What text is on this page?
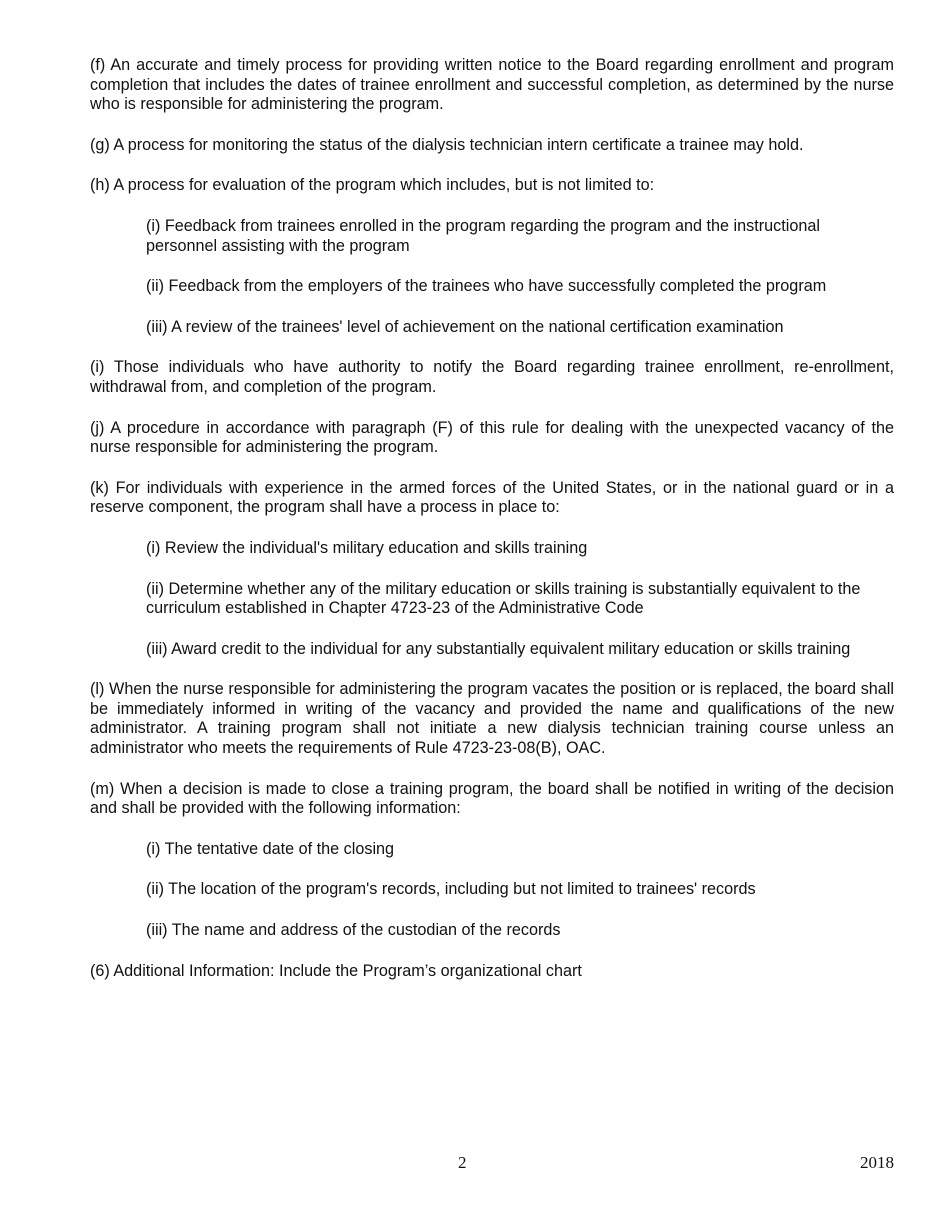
(f) An accurate and timely process for providing written notice to the Board regarding enrollment and program completion that includes the dates of trainee enrollment and successful completion, as determined by the nurse who is responsible for administering the program.

(g) A process for monitoring the status of the dialysis technician intern certificate a trainee may hold.

(h) A process for evaluation of the program which includes, but is not limited to:

(i) Feedback from trainees enrolled in the program regarding the program and the instructional personnel assisting with the program

(ii) Feedback from the employers of the trainees who have successfully completed the program

(iii) A review of the trainees' level of achievement on the national certification examination

(i) Those individuals who have authority to notify the Board regarding trainee enrollment, re-enrollment, withdrawal from, and completion of the program.

(j) A procedure in accordance with paragraph (F) of this rule for dealing with the unexpected vacancy of the nurse responsible for administering the program.

(k) For individuals with experience in the armed forces of the United States, or in the national guard or in a reserve component, the program shall have a process in place to:

(i) Review the individual's military education and skills training

(ii) Determine whether any of the military education or skills training is substantially equivalent to the curriculum established in Chapter 4723-23 of the Administrative Code

(iii) Award credit to the individual for any substantially equivalent military education or skills training

(l) When the nurse responsible for administering the program vacates the position or is replaced, the board shall be immediately informed in writing of the vacancy and provided the name and qualifications of the new administrator. A training program shall not initiate a new dialysis technician training course unless an administrator who meets the requirements of Rule 4723-23-08(B), OAC.

(m) When a decision is made to close a training program, the board shall be notified in writing of the decision and shall be provided with the following information:

(i) The tentative date of the closing

(ii) The location of the program's records, including but not limited to trainees' records

(iii) The name and address of the custodian of the records

(6) Additional Information: Include the Program’s organizational chart

2	2018
